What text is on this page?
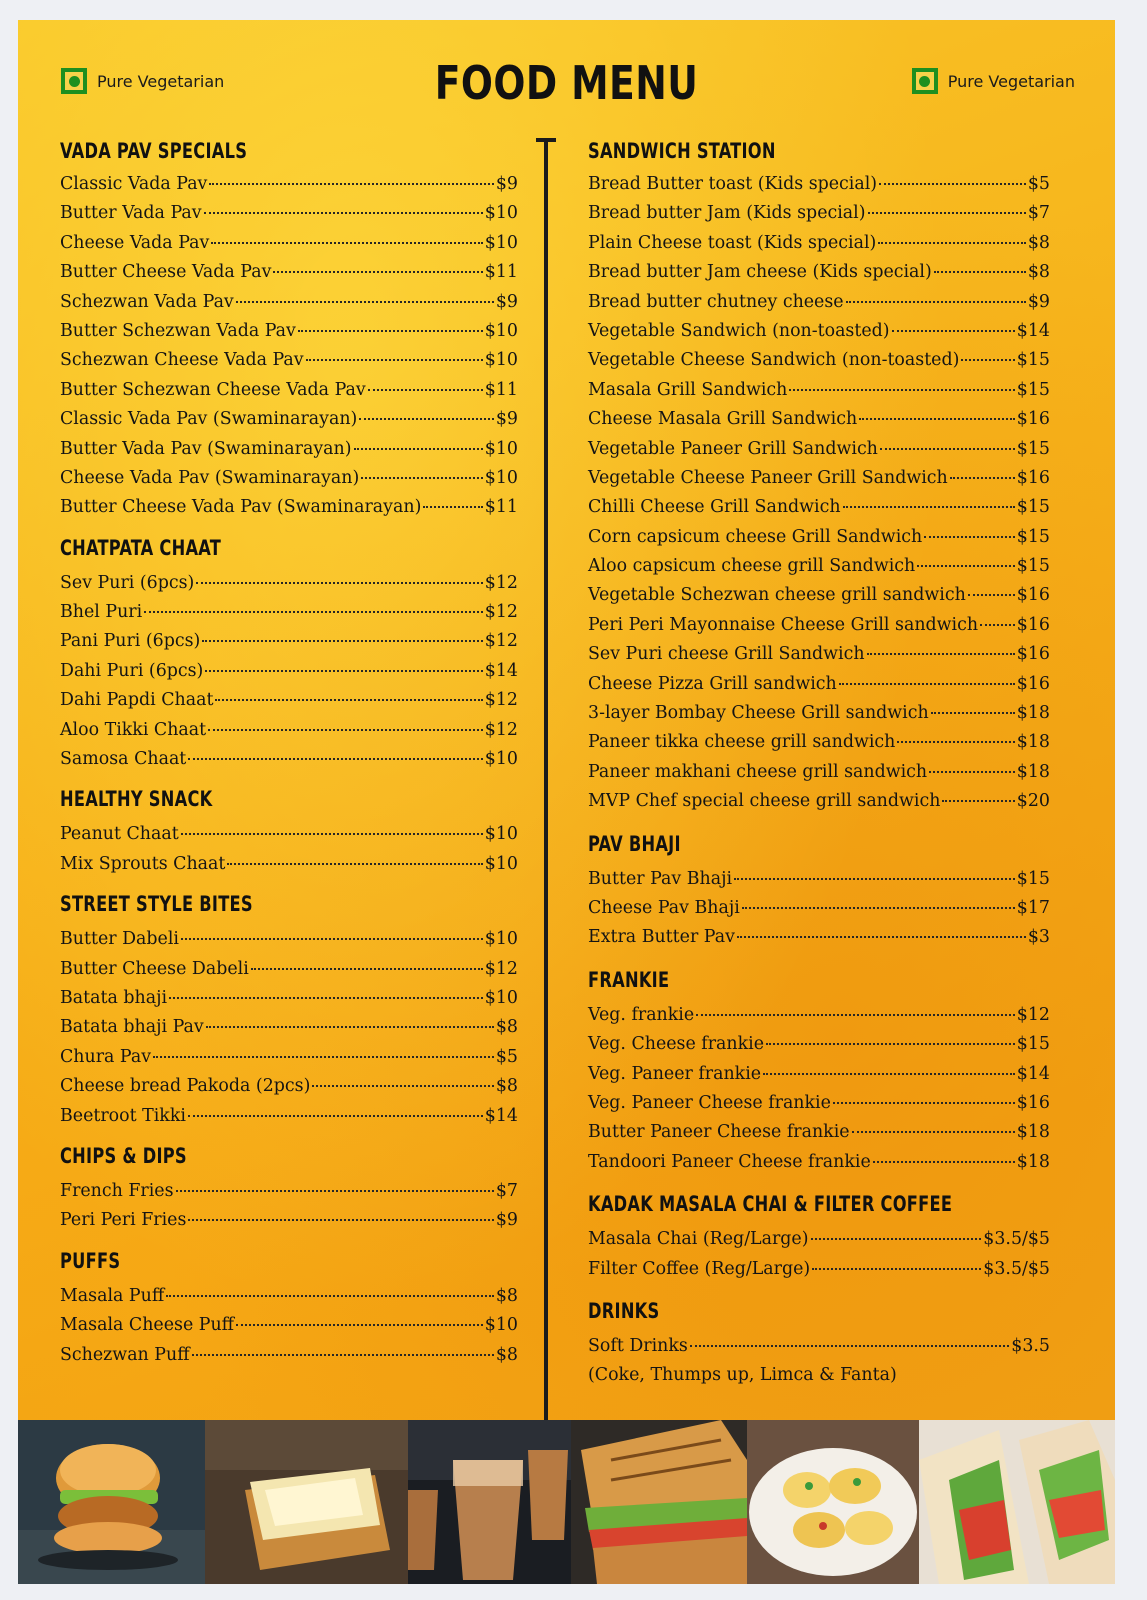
Pure Vegetarian	FOOD MENU	Pure Vegetarian
VADA PAV SPECIALS
Classic Vada Pav	$9
Butter Vada Pav	$10
Cheese Vada Pav	$10
Butter Cheese Vada Pav	$11
Schezwan Vada Pav	$9
Butter Schezwan Vada Pav	$10
Schezwan Cheese Vada Pav	$10
Butter Schezwan Cheese Vada Pav	$11
Classic Vada Pav (Swaminarayan)	$9
Butter Vada Pav (Swaminarayan)	$10
Cheese Vada Pav (Swaminarayan)	$10
Butter Cheese Vada Pav (Swaminarayan)	$11
CHATPATA CHAAT
Sev Puri (6pcs)	$12
Bhel Puri	$12
Pani Puri (6pcs)	$12
Dahi Puri (6pcs)	$14
Dahi Papdi Chaat	$12
Aloo Tikki Chaat	$12
Samosa Chaat	$10
HEALTHY SNACK
Peanut Chaat	$10
Mix Sprouts Chaat	$10
STREET STYLE BITES
Butter Dabeli	$10
Butter Cheese Dabeli	$12
Batata bhaji	$10
Batata bhaji Pav	$8
Chura Pav	$5
Cheese bread Pakoda (2pcs)	$8
Beetroot Tikki	$14
CHIPS & DIPS
French Fries	$7
Peri Peri Fries	$9
PUFFS
Masala Puff	$8
Masala Cheese Puff	$10
Schezwan Puff	$8
SANDWICH STATION
Bread Butter toast (Kids special)	$5
Bread butter Jam (Kids special)	$7
Plain Cheese toast (Kids special)	$8
Bread butter Jam cheese (Kids special)	$8
Bread butter chutney cheese	$9
Vegetable Sandwich (non-toasted)	$14
Vegetable Cheese Sandwich (non-toasted)	$15
Masala Grill Sandwich	$15
Cheese Masala Grill Sandwich	$16
Vegetable Paneer Grill Sandwich	$15
Vegetable Cheese Paneer Grill Sandwich	$16
Chilli Cheese Grill Sandwich	$15
Corn capsicum cheese Grill Sandwich	$15
Aloo capsicum cheese grill Sandwich	$15
Vegetable Schezwan cheese grill sandwich	$16
Peri Peri Mayonnaise Cheese Grill sandwich $16
Sev Puri cheese Grill Sandwich	$16
Cheese Pizza Grill sandwich	$16
3-layer Bombay Cheese Grill sandwich	$18
Paneer tikka cheese grill sandwich	$18
Paneer makhani cheese grill sandwich	$18
MVP Chef special cheese grill sandwich	$20
PAV BHAJI
Butter Pav Bhaji	$15
Cheese Pav Bhaji	$17
Extra Butter Pav	$3
FRANKIE
Veg. frankie	$12
Veg. Cheese frankie	$15
Veg. Paneer frankie	$14
Veg. Paneer Cheese frankie	$16
Butter Paneer Cheese frankie	$18
Tandoori Paneer Cheese frankie	$18
KADAK MASALA CHAI & FILTER COFFEE
Masala Chai (Reg/Large)	$3.5/$5
Filter Coffee (Reg/Large)	$3.5/$5
DRINKS
Soft Drinks	$3.5
(Coke, Thumps up, Limca & Fanta)
